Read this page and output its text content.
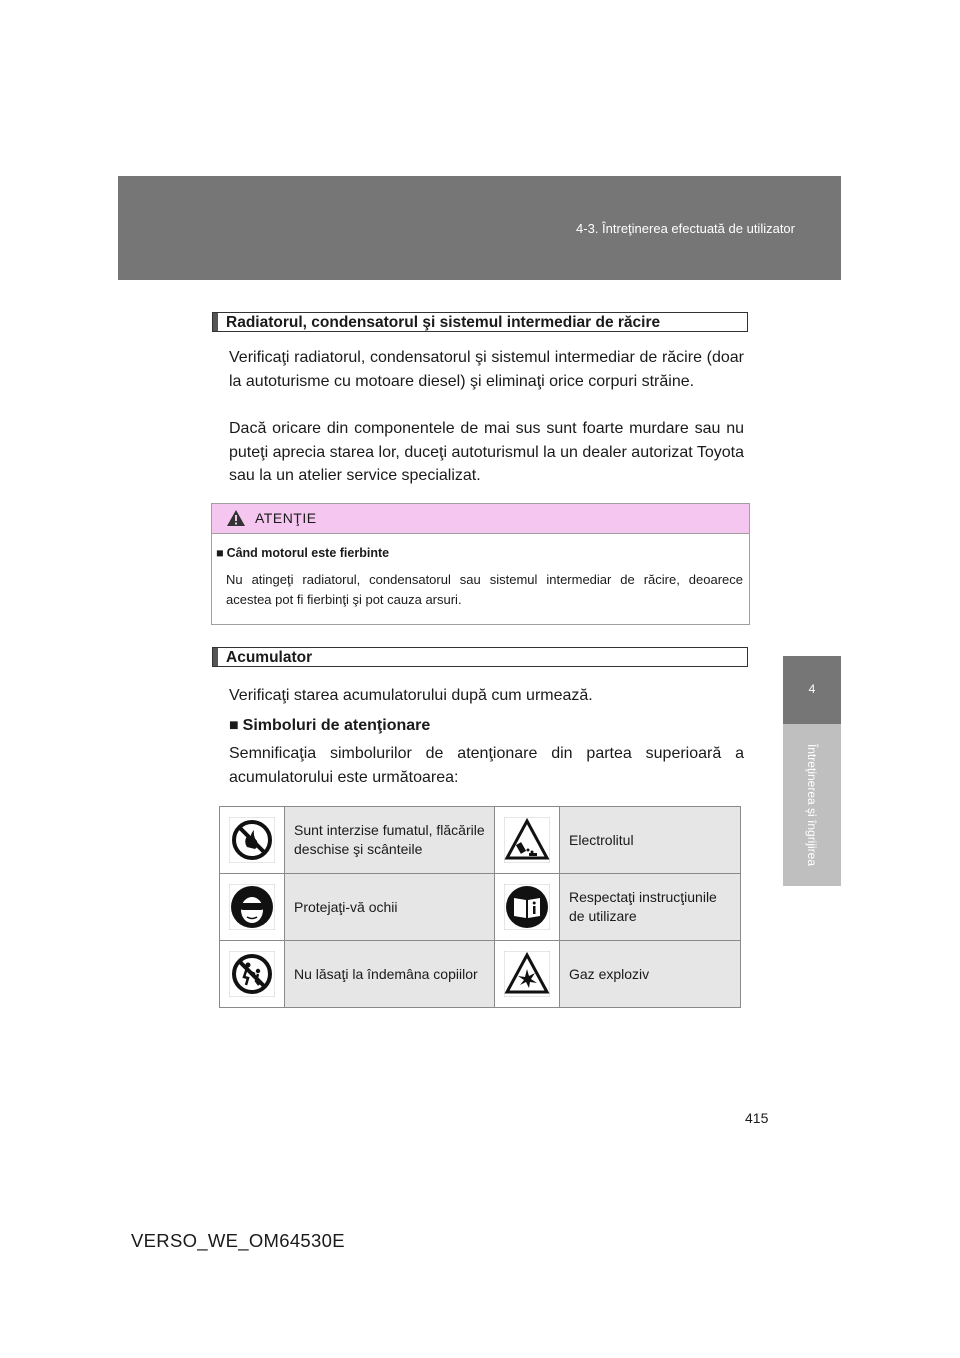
4-3. Întreţinerea efectuată de utilizator
4
Întreţinerea şi îngrijirea
Radiatorul, condensatorul şi sistemul intermediar de răcire

Verificaţi radiatorul, condensatorul şi sistemul intermediar de răcire (doar la autoturisme cu motoare diesel) şi eliminaţi orice corpuri străine.

Dacă oricare din componentele de mai sus sunt foarte murdare sau nu puteţi aprecia starea lor, duceţi autoturismul la un dealer autorizat Toyota sau la un atelier service specializat.

ATENŢIE
■ Când motorul este fierbinte

Nu atingeţi radiatorul, condensatorul sau sistemul intermediar de răcire, deoarece acestea pot fi fierbinţi şi pot cauza arsuri.

Acumulator

Verificaţi starea acumulatorului după cum urmează.

■ Simboluri de atenţionare

Semnificaţia simbolurilor de atenţionare din partea superioară a acumulatorului este următoarea:

	Sunt interzise fumatul, flăcările deschise şi scânteile		Electrolitul

	Protejaţi-vă ochii		Respectaţi instrucţiunile de utilizare

	Nu lăsaţi la îndemâna copiilor		Gaz exploziv
415
VERSO_WE_OM64530E
